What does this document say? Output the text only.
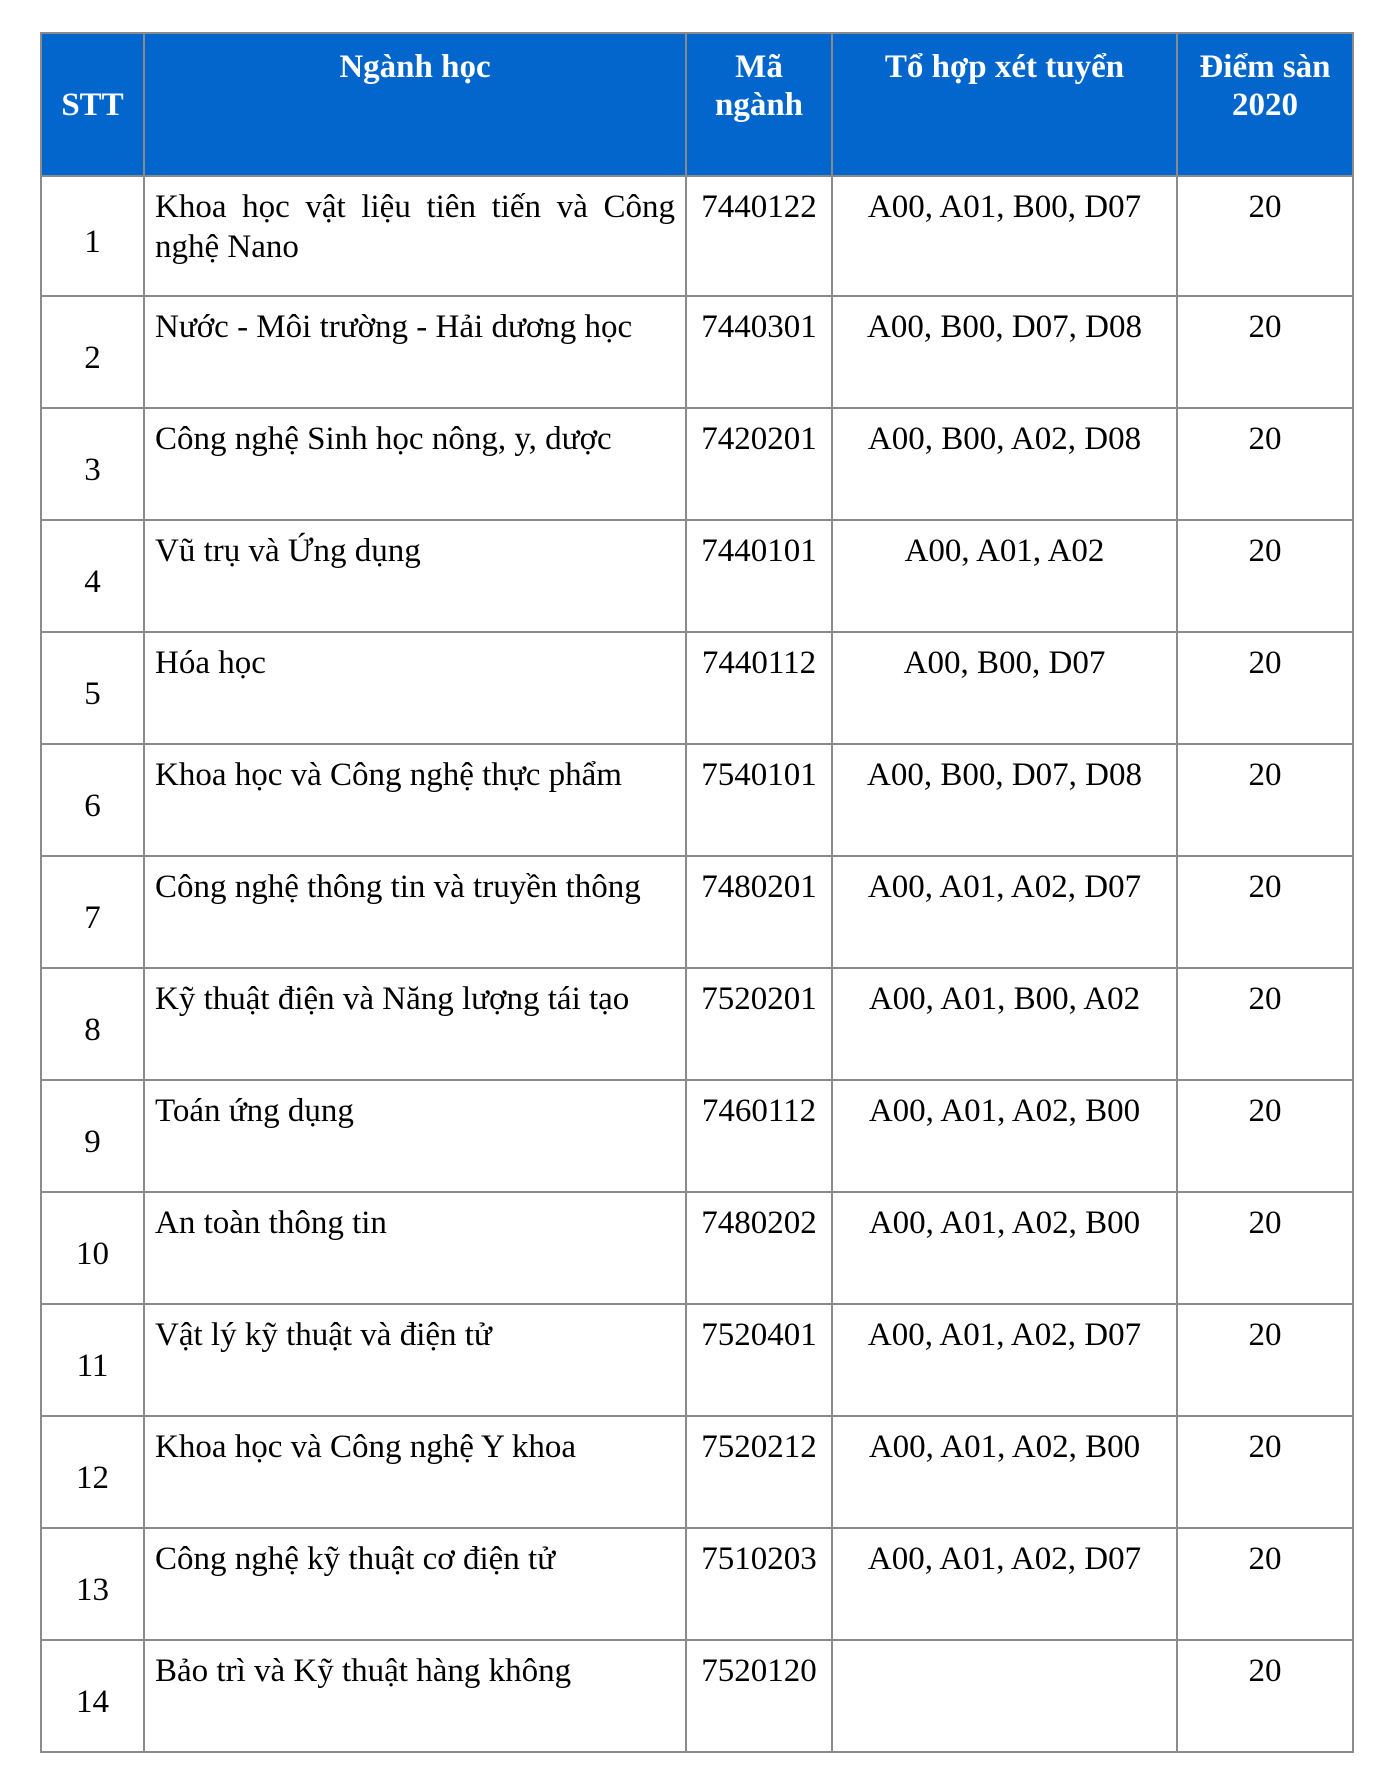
STT	Ngành học	Mã ngành	Tổ hợp xét tuyển	Điểm sàn 2020
1	Khoa học vật liệu tiên tiến và Công nghệ Nano	7440122	A00, A01, B00, D07	20
2	Nước - Môi trường - Hải dương học	7440301	A00, B00, D07, D08	20
3	Công nghệ Sinh học nông, y, dược	7420201	A00, B00, A02, D08	20
4	Vũ trụ và Ứng dụng	7440101	A00, A01, A02	20
5	Hóa học	7440112	A00, B00, D07	20
6	Khoa học và Công nghệ thực phẩm	7540101	A00, B00, D07, D08	20
7	Công nghệ thông tin và truyền thông	7480201	A00, A01, A02, D07	20
8	Kỹ thuật điện và Năng lượng tái tạo	7520201	A00, A01, B00, A02	20
9	Toán ứng dụng	7460112	A00, A01, A02, B00	20
10	An toàn thông tin	7480202	A00, A01, A02, B00	20
11	Vật lý kỹ thuật và điện tử	7520401	A00, A01, A02, D07	20
12	Khoa học và Công nghệ Y khoa	7520212	A00, A01, A02, B00	20
13	Công nghệ kỹ thuật cơ điện tử	7510203	A00, A01, A02, D07	20
14	Bảo trì và Kỹ thuật hàng không	7520120		20
